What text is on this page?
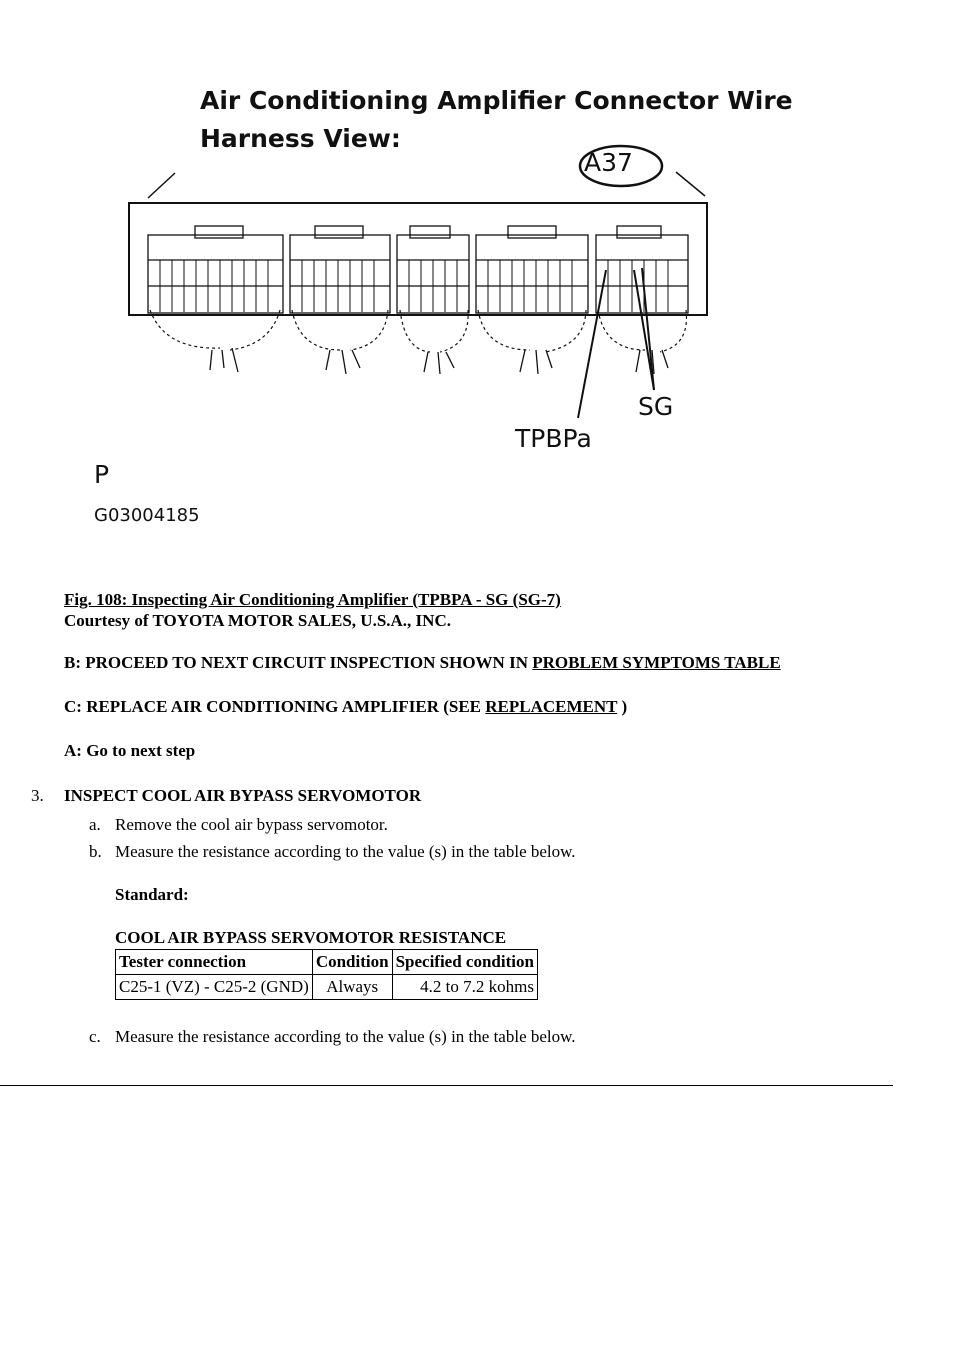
Air Conditioning Amplifier Connector Wire
Harness View:
A37
SG
TPBPa
P
G03004185
Fig. 108: Inspecting Air Conditioning Amplifier (TPBPA - SG (SG-7)
Courtesy of TOYOTA MOTOR SALES, U.S.A., INC.
B: PROCEED TO NEXT CIRCUIT INSPECTION SHOWN IN PROBLEM SYMPTOMS TABLE
C: REPLACE AIR CONDITIONING AMPLIFIER (SEE REPLACEMENT )
A: Go to next step
3. INSPECT COOL AIR BYPASS SERVOMOTOR
a. Remove the cool air bypass servomotor.
b. Measure the resistance according to the value (s) in the table below.
Standard:
COOL AIR BYPASS SERVOMOTOR RESISTANCE
Tester connection	Condition	Specified condition
C25-1 (VZ) - C25-2 (GND)	Always	4.2 to 7.2 kohms
c. Measure the resistance according to the value (s) in the table below.
